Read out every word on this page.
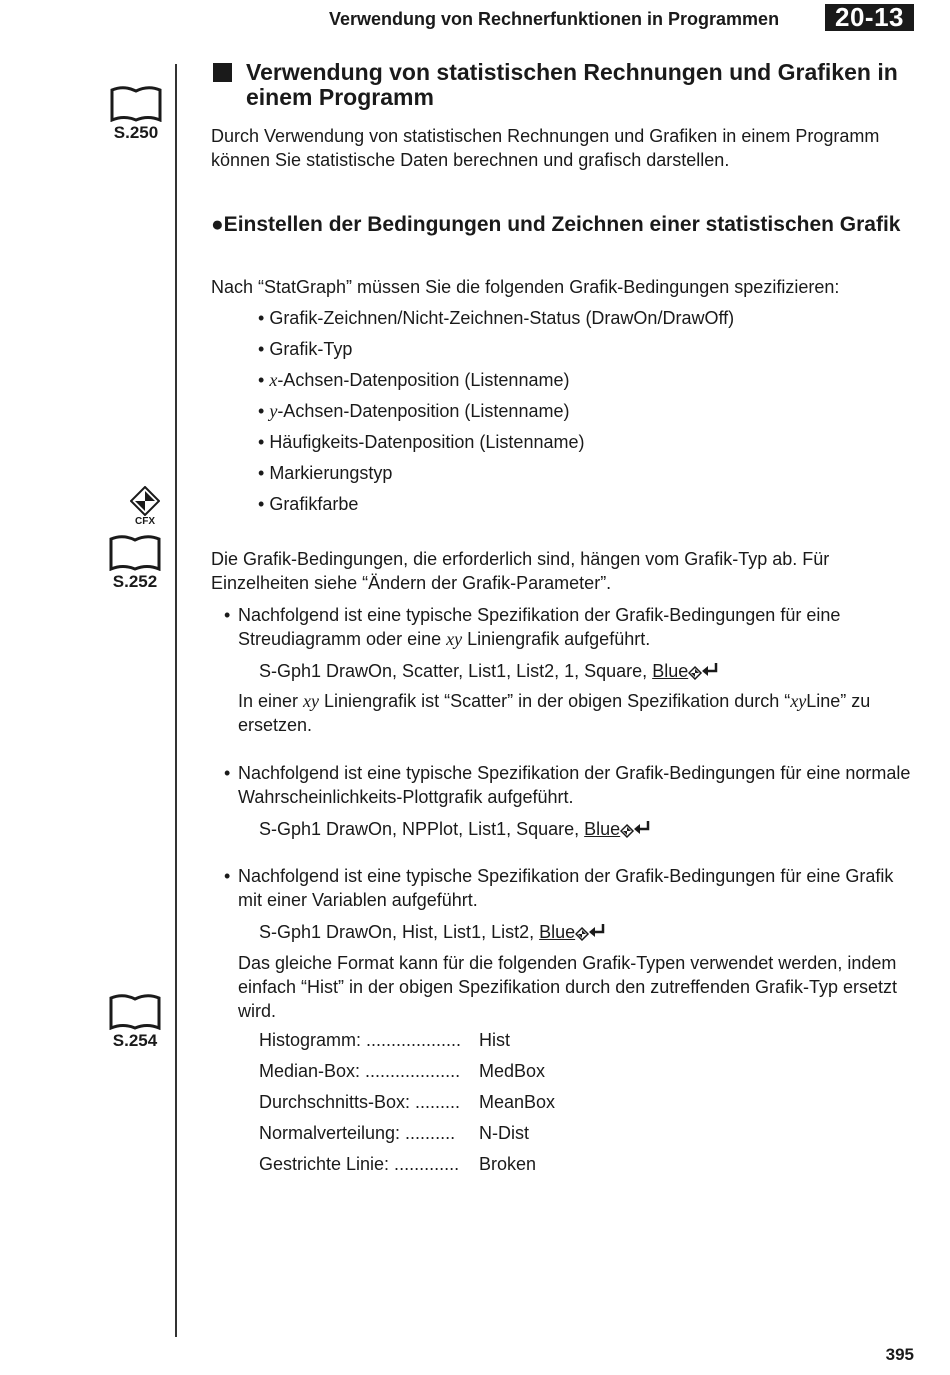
Verwendung von Rechnerfunktionen in Programmen	20-13
S.250
CFX
S.252
S.254
Verwendung von statistischen Rechnungen und Grafiken in einem Programm
Durch Verwendung von statistischen Rechnungen und Grafiken in einem Programm können Sie statistische Daten berechnen und grafisch darstellen.
●Einstellen der Bedingungen und Zeichnen einer statistischen Grafik
Nach “StatGraph” müssen Sie die folgenden Grafik-Bedingungen spezifizieren:
• Grafik-Zeichnen/Nicht-Zeichnen-Status (DrawOn/DrawOff)
• Grafik-Typ
• x-Achsen-Datenposition (Listenname)
• y-Achsen-Datenposition (Listenname)
• Häufigkeits-Datenposition (Listenname)
• Markierungstyp
• Grafikfarbe
Die Grafik-Bedingungen, die erforderlich sind, hängen vom Grafik-Typ ab. Für Einzelheiten siehe “Ändern der Grafik-Parameter”.
• Nachfolgend ist eine typische Spezifikation der Grafik-Bedingungen für eine Streudiagramm oder eine xy Liniengrafik aufgeführt.
S-Gph1 DrawOn, Scatter, List1, List2, 1, Square, Blue
In einer xy Liniengrafik ist “Scatter” in der obigen Spezifikation durch “xyLine” zu ersetzen.
• Nachfolgend ist eine typische Spezifikation der Grafik-Bedingungen für eine normale Wahrscheinlichkeits-Plottgrafik aufgeführt.
S-Gph1 DrawOn, NPPlot, List1, Square, Blue
• Nachfolgend ist eine typische Spezifikation der Grafik-Bedingungen für eine Grafik mit einer Variablen aufgeführt.
S-Gph1 DrawOn, Hist, List1, List2, Blue
Das gleiche Format kann für die folgenden Grafik-Typen verwendet werden, indem einfach “Hist” in der obigen Spezifikation durch den zutreffenden Grafik-Typ ersetzt wird.
Histogramm: ................... Hist
Median-Box: ................... MedBox
Durchschnitts-Box: ......... MeanBox
Normalverteilung: .......... N-Dist
Gestrichte Linie: ............. Broken
395
